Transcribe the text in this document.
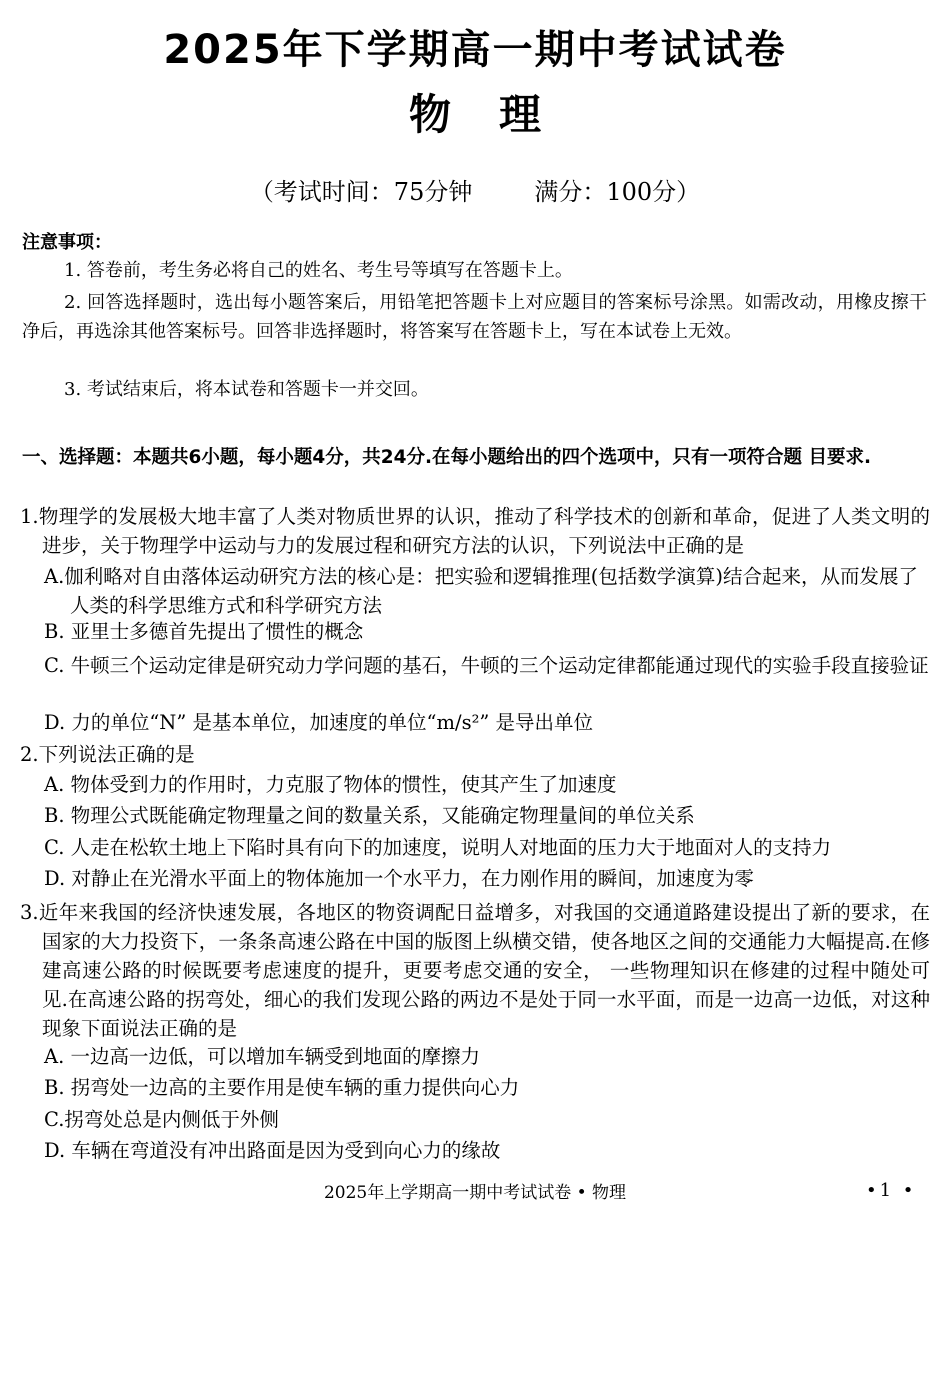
2025年下学期高一期中考试试卷
物 理
（考试时间：75分钟	满分：100分）
注意事项：
1. 答卷前，考生务必将自己的姓名、考生号等填写在答题卡上。
2. 回答选择题时，选出每小题答案后，用铅笔把答题卡上对应题目的答案标号涂黑。如需改动，用橡皮擦干净后，再选涂其他答案标号。回答非选择题时，将答案写在答题卡上，写在本试卷上无效。
3. 考试结束后，将本试卷和答题卡一并交回。
一、选择题：本题共6小题，每小题4分，共24分.在每小题给出的四个选项中，只有一项符合题 目要求.
1.物理学的发展极大地丰富了人类对物质世界的认识，推动了科学技术的创新和革命，促进了人类文明的进步，关于物理学中运动与力的发展过程和研究方法的认识，下列说法中正确的是
A.伽利略对自由落体运动研究方法的核心是：把实验和逻辑推理(包括数学演算)结合起来，从而发展了人类的科学思维方式和科学研究方法
B. 亚里士多德首先提出了惯性的概念
C. 牛顿三个运动定律是研究动力学问题的基石，牛顿的三个运动定律都能通过现代的实验手段直接验证
D. 力的单位“N” 是基本单位，加速度的单位“m/s²” 是导出单位
2.下列说法正确的是
A. 物体受到力的作用时，力克服了物体的惯性，使其产生了加速度
B. 物理公式既能确定物理量之间的数量关系，又能确定物理量间的单位关系
C. 人走在松软土地上下陷时具有向下的加速度，说明人对地面的压力大于地面对人的支持力
D. 对静止在光滑水平面上的物体施加一个水平力，在力刚作用的瞬间，加速度为零
3.近年来我国的经济快速发展，各地区的物资调配日益增多，对我国的交通道路建设提出了新的要求，在国家的大力投资下，一条条高速公路在中国的版图上纵横交错，使各地区之间的交通能力大幅提高.在修建高速公路的时候既要考虑速度的提升，更要考虑交通的安全， 一些物理知识在修建的过程中随处可见.在高速公路的拐弯处，细心的我们发现公路的两边不是处于同一水平面，而是一边高一边低，对这种现象下面说法正确的是
A. 一边高一边低，可以增加车辆受到地面的摩擦力
B. 拐弯处一边高的主要作用是使车辆的重力提供向心力
C.拐弯处总是内侧低于外侧
D. 车辆在弯道没有冲出路面是因为受到向心力的缘故
2025年上学期高一期中考试试卷 • 物理	•1 •
